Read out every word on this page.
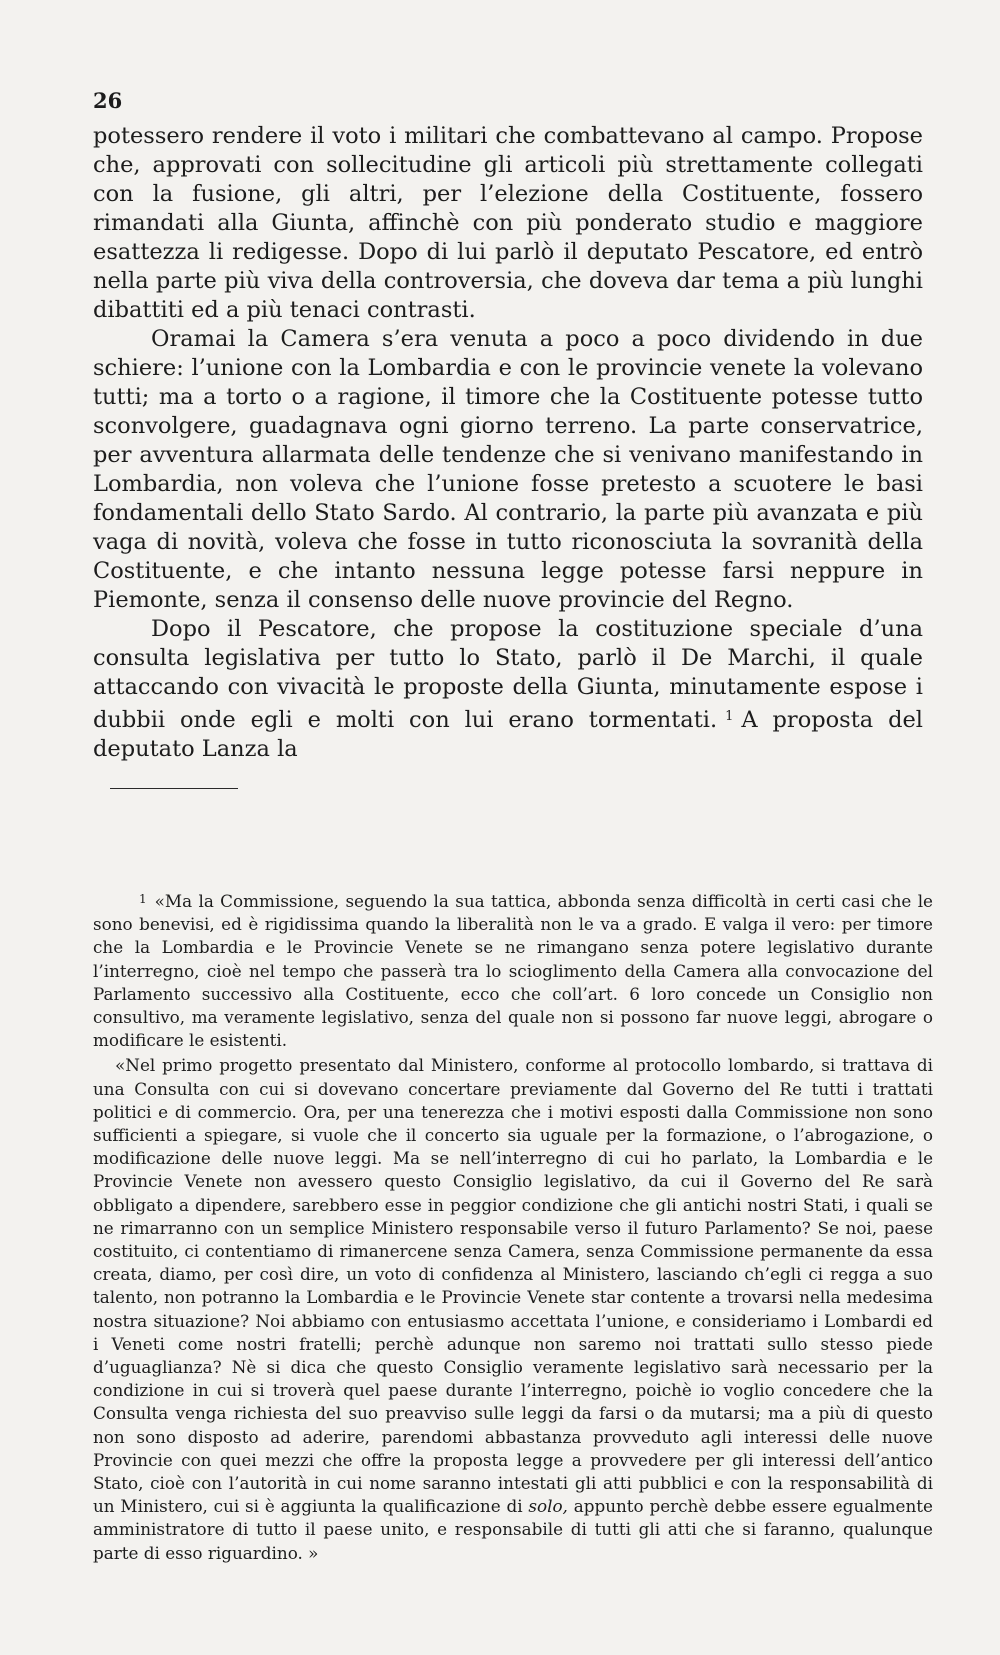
26

potessero rendere il voto i militari che combattevano al campo. Propose che, approvati con sollecitudine gli articoli più strettamente collegati con la fusione, gli altri, per l’elezione della Costituente, fossero rimandati alla Giunta, affinchè con più ponderato studio e maggiore esattezza li redigesse. Dopo di lui parlò il deputato Pescatore, ed entrò nella parte più viva della controversia, che doveva dar tema a più lunghi dibattiti ed a più tenaci contrasti.

Oramai la Camera s’era venuta a poco a poco dividendo in due schiere: l’unione con la Lombardia e con le provincie venete la volevano tutti; ma a torto o a ragione, il timore che la Costituente potesse tutto sconvolgere, guadagnava ogni giorno terreno. La parte conservatrice, per avventura allarmata delle tendenze che si venivano manifestando in Lombardia, non voleva che l’unione fosse pretesto a scuotere le basi fondamentali dello Stato Sardo. Al contrario, la parte più avanzata e più vaga di novità, voleva che fosse in tutto riconosciuta la sovranità della Costituente, e che intanto nessuna legge potesse farsi neppure in Piemonte, senza il consenso delle nuove provincie del Regno.

Dopo il Pescatore, che propose la costituzione speciale d’una consulta legislativa per tutto lo Stato, parlò il De Marchi, il quale attaccando con vivacità le proposte della Giunta, minutamente espose i dubbii onde egli e molti con lui erano tormentati. $^1$ A proposta del deputato Lanza la

$^1$ «Ma la Commissione, seguendo la sua tattica, abbonda senza difficoltà in certi casi che le sono benevisi, ed è rigidissima quando la liberalità non le va a grado. E valga il vero: per timore che la Lombardia e le Provincie Venete se ne rimangano senza potere legislativo durante l’interregno, cioè nel tempo che passerà tra lo scioglimento della Camera alla convocazione del Parlamento successivo alla Costituente, ecco che coll’art. 6 loro concede un Consiglio non consultivo, ma veramente legislativo, senza del quale non si possono far nuove leggi, abrogare o modificare le esistenti.

«Nel primo progetto presentato dal Ministero, conforme al protocollo lombardo, si trattava di una Consulta con cui si dovevano concertare previamente dal Governo del Re tutti i trattati politici e di commercio. Ora, per una tenerezza che i motivi esposti dalla Commissione non sono sufficienti a spiegare, si vuole che il concerto sia uguale per la formazione, o l’abrogazione, o modificazione delle nuove leggi. Ma se nell’interregno di cui ho parlato, la Lombardia e le Provincie Venete non avessero questo Consiglio legislativo, da cui il Governo del Re sarà obbligato a dipendere, sarebbero esse in peggior condizione che gli antichi nostri Stati, i quali se ne rimarranno con un semplice Ministero responsabile verso il futuro Parlamento? Se noi, paese costituito, ci contentiamo di rimanercene senza Camera, senza Commissione permanente da essa creata, diamo, per così dire, un voto di confidenza al Ministero, lasciando ch’egli ci regga a suo talento, non potranno la Lombardia e le Provincie Venete star contente a trovarsi nella medesima nostra situazione? Noi abbiamo con entusiasmo accettata l’unione, e consideriamo i Lombardi ed i Veneti come nostri fratelli; perchè adunque non saremo noi trattati sullo stesso piede d’uguaglianza? Nè si dica che questo Consiglio veramente legislativo sarà necessario per la condizione in cui si troverà quel paese durante l’interregno, poichè io voglio concedere che la Consulta venga richiesta del suo preavviso sulle leggi da farsi o da mutarsi; ma a più di questo non sono disposto ad aderire, parendomi abbastanza provveduto agli interessi delle nuove Provincie con quei mezzi che offre la proposta legge a provvedere per gli interessi dell’antico Stato, cioè con l’autorità in cui nome saranno intestati gli atti pubblici e con la responsabilità di un Ministero, cui si è aggiunta la qualificazione di solo, appunto perchè debbe essere egualmente amministratore di tutto il paese unito, e responsabile di tutti gli atti che si faranno, qualunque parte di esso riguardino. »
